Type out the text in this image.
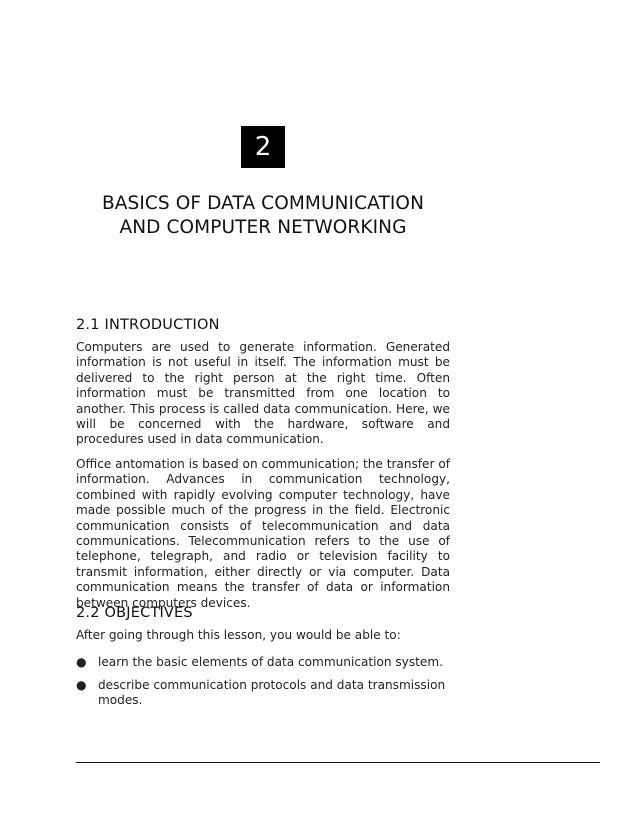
2
BASICS OF DATA COMMUNICATION
AND COMPUTER NETWORKING
2.1 INTRODUCTION

Computers are used to generate information. Generated information is not useful in itself. The information must be delivered to the right person at the right time. Often information must be transmitted from one location to another. This process is called data communication. Here, we will be concerned with the hardware, software and procedures used in data communication.

Office antomation is based on communication; the transfer of information. Advances in communication technology, combined with rapidly evolving computer technology, have made possible much of the progress in the field. Electronic communication consists of telecommunication and data communications. Telecommunication refers to the use of telephone, telegraph, and radio or television facility to transmit information, either directly or via computer. Data communication means the transfer of data or information between computers devices.

2.2 OBJECTIVES

After going through this lesson, you would be able to:

● learn the basic elements of data communication system.
● describe communication protocols and data transmission modes.
